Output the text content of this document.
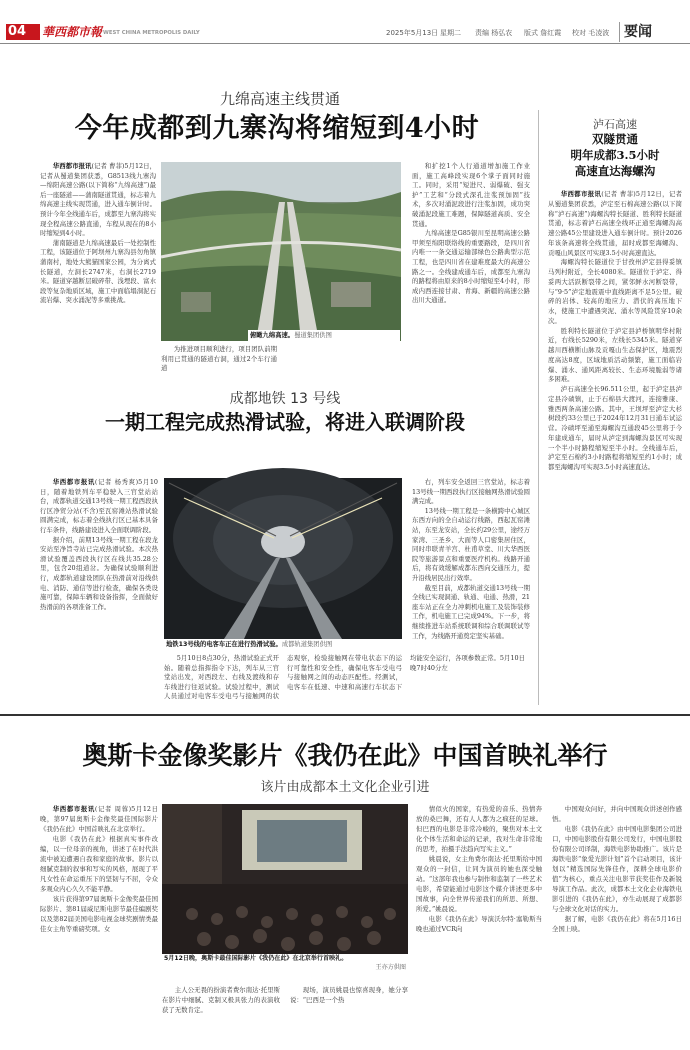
04	華西都市報 WEST CHINA METROPOLIS DAILY	2025年5月13日 星期二 责编 杨弘农 版式 詹红霞 校对 毛凌波 要闻
九绵高速主线贯通
今年成都到九寨沟将缩短到4小时

华西都市报讯(记者 曹菲)5月12日，记者从蜀道集团获悉，G8513线九寨沟—绵阳高速公路(以下简称“九绵高速”)最后一座隧道——蒲南隧道贯通，标志着九绵高速主线实现贯通，进入通车倒计时。预计今年全线通车后，成都至九寨沟将实现全程高速公路直通，车程从现在的8小时缩短到4小时。

蒲南隧道是九绵高速最后一处控制性工程，该隧道位于阿坝州九寨沟县勿角镇蒲南村，地处大熊猫国家公园，为分离式长隧道，左洞长2747米，右洞长2719米。隧道穿越断层破碎带、浅埋段、富水段等复杂地质区域，施工中面临塌洞泥石流岩爆、突水涌泥等多重挑战。

俯瞰九绵高速。蜀道集团供图

为推进项目顺利进行，项目团队前期利用已贯通的隧道右洞，通过2个车行通道

和扩挖1个人行通道增加施工作业面，施工高峰段实现6个掌子面同时施工。同时，采用“短进尺、弱爆破、强支护”工艺和“分段式深孔注浆预加固”技术，多次对涌泥段进行注浆加固，成功突破涌泥段施工难题，保障隧道高质、安全贯通。

九绵高速是G85银川至昆明高速公路甲须至绵阳联络线的重要路段，是四川省内唯一一条交通运输部绿色公路典型示范工程，也是四川省在建难度最大的高速公路之一。全线建成通车后，成都至九寨沟的路程将由原来的8小时缩短至4小时，形成内西连接甘肃、青海、新疆的高速公路出川大通道。

泸石高速
双隧贯通
明年成都3.5小时
高速直达海螺沟

华西都市报讯(记者 曹菲)5月12日，记者从蜀道集团获悉，泸定至石棉高速公路(以下简称“泸石高速”)海螺沟特长隧道、胜利特长隧道贯通，标志着泸石高速全线环正通至海螺沟高速公路45公里建设进入通车倒计时。预计2026年该条高速将全线贯通，届时成都至海螺沟、贡嘎山风景区可实现3.5小时高速直达。

海螺沟特长隧道位于甘孜州泸定县得妥镇马列村附近，全长4080米。隧道位于泸定、得妥两大活跃断裂带之间，紧邻鲜水河断裂带，与“9·5”泸定地震震中直线距离不足5公里。破碎的岩体、较高的地应力、潜伏的高压地下水，使施工中遭遇突泥、涌水等风险贯穿10余次。

胜利特长隧道位于泸定县泸桥镇明华村附近，右线长5290米，左线长5345米。隧道穿越川西横断山脉及贡嘎山生态保护区，地震烈度高达8度，区域地质活动频繁，施工面临岩爆、涌水、通风距离较长、生态环境脆弱等诸多困难。

泸石高速全长96.511公里，起于泸定县泸定县冷碛镇，止于石棉县大渡河，连接雅康、雅西两条高速公路。其中，王坝坪至泸定大杉树段约33公里已于2024年12月31日通车试运营。冷碛坪至通至海螺沟互通段45公里将于今年建成通车，届时从泸定到海螺沟景区可实现一个半小时路程缩短至半小时。全线通车后，泸定至石棉约3小时路程将缩短至约1小时；成都至海螺沟可实现3.5小时高速直达。

成都地铁 13 号线
一期工程完成热滑试验，将进入联调阶段

华西都市报讯(记者 杨秀爽)5月10日，随着地铁列车平稳驶入三官堂站站台，成都轨道交通13号线一期工程西段执行区净贸分站(不含)至瓦窑滩站热滑试验圆满完成，标志着全线执行区已基本具备行车条件，线路建设进入全面联调阶段。

据介绍，前期13号线一期工程在段龙安站至净旨寺站已完成热滑试验。本次热滑试验覆盖西段执行区在线共35.28公里，包含20组道岔。为确保试验顺利进行，成都轨道建设团队在热滑前对沿线供电、消防、通信等进行检查，确保各类设施可靠，保障车辆和设备指挥，全面做好热滑前的各项准备工作。

地铁13号线的电客车正在进行热滑试验。成都轨道集团供图

5月10日8点30分，热滑试验正式开始。随着总指挥指令下达，列车从三官堂站出发，对西段左、右线及渡线和存车线进行往返试验。试验过程中，测试人员通过对电客车受电弓与接触网的状态观察，检验接触网在带电状态下的运行可靠性和安全性，确保电客车受电弓与接触网之间的动态匹配性。经测试，电客车在低速、中速和高速行车状态下均能安全运行，各项参数正常。5月10日晚7时40分左

右，列车安全返回三官堂站，标志着13号线一期西段执行区接触网热滑试验圆满完成。

13号线一期工程是一条横跨中心城区东西方向的全自动运行线路，西起瓦窑滩站，东至龙安站，全长约29公里，途经万家湾、三圣乡、大面等人口密集居住区，同时串联青羊宫、杜甫草堂、川大华西医院等旅游景点和重要医疗机构。线路开通后，将有效缓解成都东西向交通压力，提升沿线居民出行效率。

截至目前，成都轨道交通13号线一期全线已实现洞通、轨通、电通、热滑，21座车站正在全力冲刺机电施工及装饰装修工作，机电施工已完成94%。下一步，将继续推进车站系统联调和综合联调联试等工作，为线路开通奠定坚实基础。

奥斯卡金像奖影片《我仍在此》中国首映礼举行
该片由成都本土文化企业引进

华西都市报讯(记者 周蓉)5月12日晚，第97届奥斯卡金像奖最佳国际影片《我仍在此》中国首映礼在北京举行。

电影《我仍在此》根据真实事件改编，以一位母亲的视角，讲述了在时代洪流中被迫遭遇自我和家庭的故事。影片以细腻克制的叙事和写实的风格，展现了平凡女性在命运重压下的坚韧与不屈，令众多观众内心久久不能平静。

该片获得第97届奥斯卡金像奖最佳国际影片、第81届威尼斯电影节最佳编剧奖以及第82届美国电影电视金球奖剧情类最佳女主角等重磅奖项。女

5月12日晚，奥斯卡最佳国际影片《我仍在此》在北京举行首映礼。

王亦方供图

主人公无畏的扮演者费尔南达·托里斯在影片中细腻、克制又极具张力的表演收获了无数肯定。

现场，演员姚晨也惊喜现身，她分享说：“巴西是一个热

情似火的国家，有热爱的音乐、热情奔放的桑巴舞，还有人人都为之疯狂的足球。但巴西的电影是非常冷峻的，聚焦对本土文化个体生活和命运的记录，我对生命非常地的思考，拍摄手法趋向写实主义。”

姚晨说，女主角费尔南达·托里斯给中国观众的一封信，让同为演员的她也深受触动。“这部年我也参与制作和监制了一些艺术电影，希望能通过电影这个媒介讲述更多中国故事，向全世界传递我们的所思、所想、所爱。”姚晨说。

电影《我仍在此》导演沃尔特·塞勒斯当晚也通过VCR向

中国观众问好，并向中国观众讲述创作感悟。

电影《我仍在此》由中国电影集团公司进口，中国电影股份有限公司发行，中国电影股份有限公司译制，海铁电影协助推广。该片是海铁电影“象爱光影计划”首个启动项目，该计划以“精选国际先锋佳作，深耕全球电影价值”为核心，重点关注电影节获奖佳作及新锐导演工作品。此次，成都本土文化企业海铁电影引进的《我仍在此》，亦生动展现了成都影与全球文化对话的实力。

据了解，电影《我仍在此》将在5月16日全国上映。
